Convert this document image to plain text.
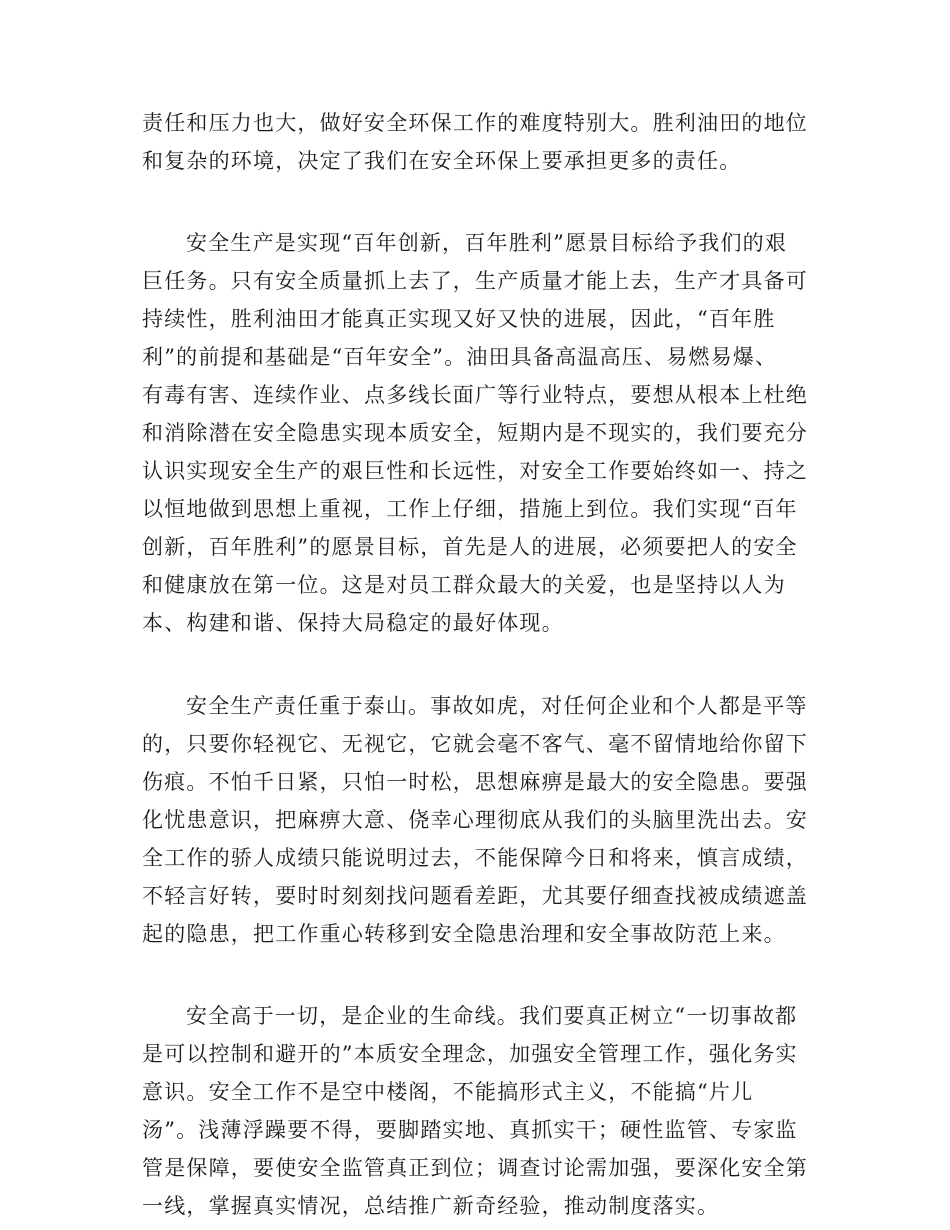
责任和压力也大，做好安全环保工作的难度特别大。胜利油田的地位
和复杂的环境，决定了我们在安全环保上要承担更多的责任。
安全生产是实现“百年创新，百年胜利”愿景目标给予我们的艰
巨任务。只有安全质量抓上去了，生产质量才能上去，生产才具备可
持续性，胜利油田才能真正实现又好又快的进展，因此，“百年胜
利”的前提和基础是“百年安全”。油田具备高温高压、易燃易爆、
有毒有害、连续作业、点多线长面广等行业特点，要想从根本上杜绝
和消除潜在安全隐患实现本质安全，短期内是不现实的，我们要充分
认识实现安全生产的艰巨性和长远性，对安全工作要始终如一、持之
以恒地做到思想上重视，工作上仔细，措施上到位。我们实现“百年
创新，百年胜利”的愿景目标，首先是人的进展，必须要把人的安全
和健康放在第一位。这是对员工群众最大的关爱，也是坚持以人为
本、构建和谐、保持大局稳定的最好体现。
安全生产责任重于泰山。事故如虎，对任何企业和个人都是平等
的，只要你轻视它、无视它，它就会毫不客气、毫不留情地给你留下
伤痕。不怕千日紧，只怕一时松，思想麻痹是最大的安全隐患。要强
化忧患意识，把麻痹大意、侥幸心理彻底从我们的头脑里洗出去。安
全工作的骄人成绩只能说明过去，不能保障今日和将来，慎言成绩，
不轻言好转，要时时刻刻找问题看差距，尤其要仔细查找被成绩遮盖
起的隐患，把工作重心转移到安全隐患治理和安全事故防范上来。
安全高于一切，是企业的生命线。我们要真正树立“一切事故都
是可以控制和避开的”本质安全理念，加强安全管理工作，强化务实
意识。安全工作不是空中楼阁，不能搞形式主义，不能搞“片儿
汤”。浅薄浮躁要不得，要脚踏实地、真抓实干；硬性监管、专家监
管是保障，要使安全监管真正到位；调查讨论需加强，要深化安全第
一线，掌握真实情况，总结推广新奇经验，推动制度落实。
